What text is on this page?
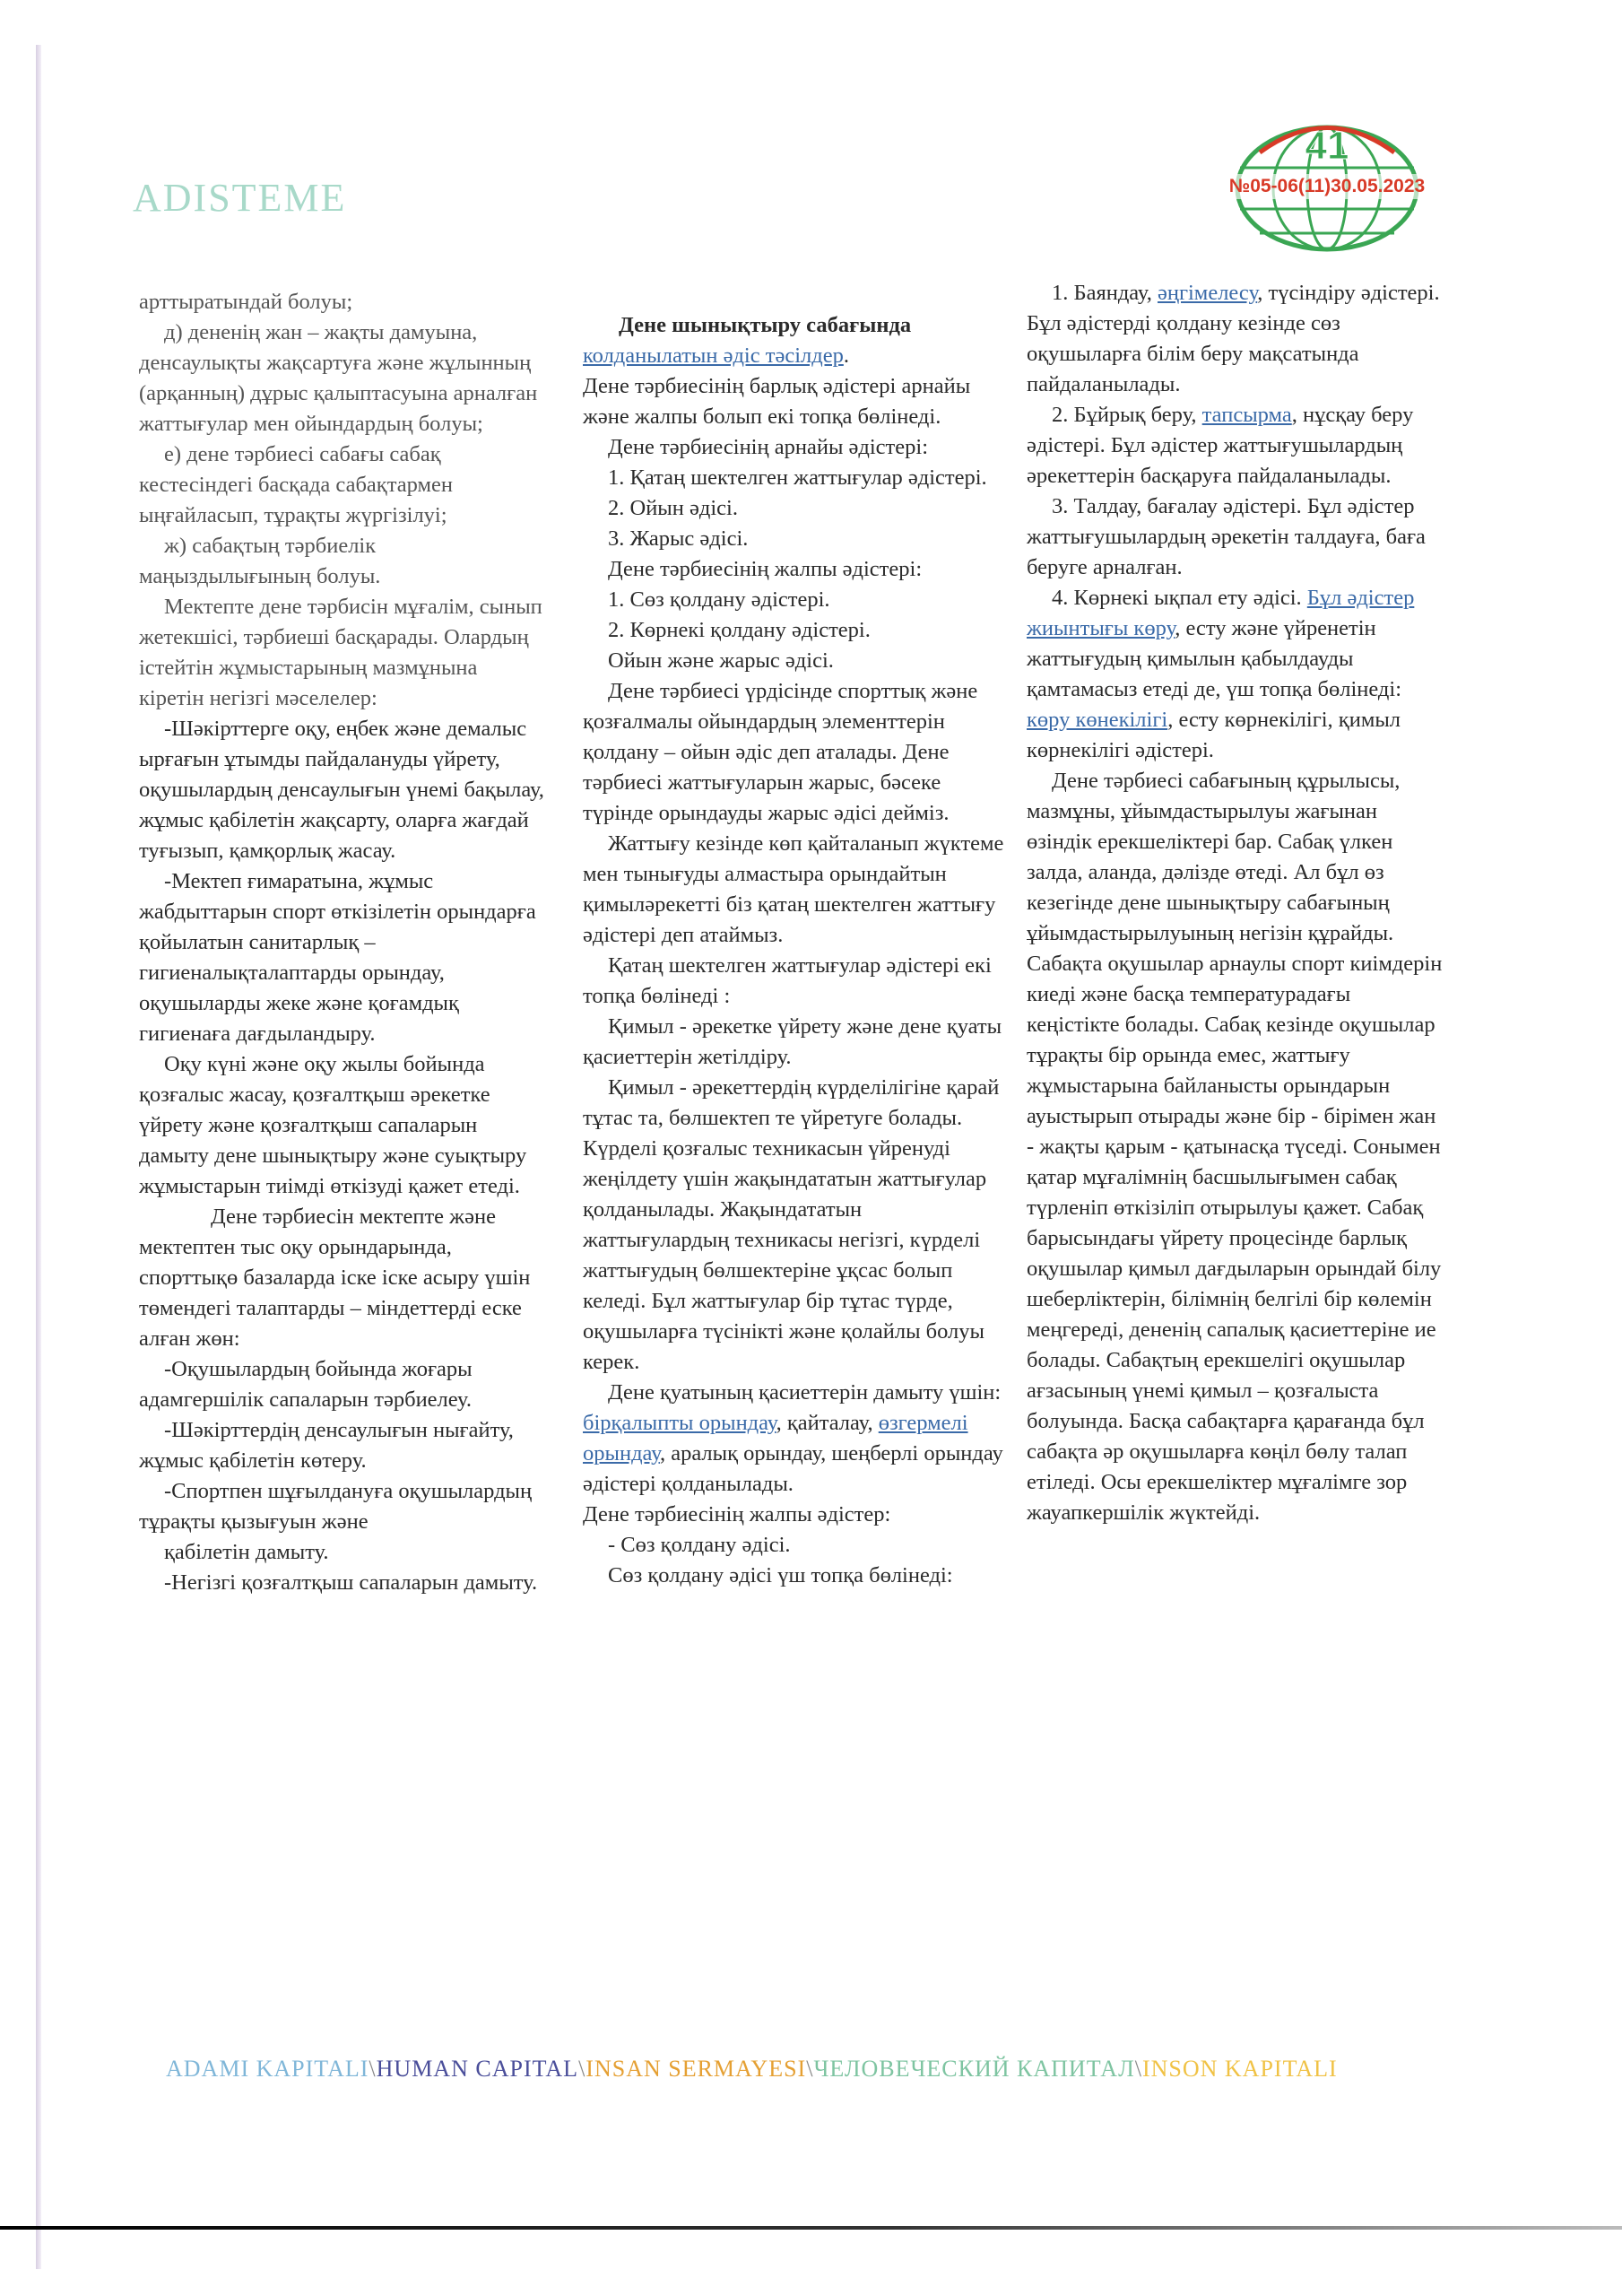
ADISTEME
41
№05-06(11)30.05.2023

арттыратындай болуы;

д) дененің жан – жақты дамуына, денсаулықты жақсартуға және жұлынның (арқанның) дұрыс қалыптасуына арналған жаттығулар мен ойындардың болуы;

е) дене тәрбиесі сабағы сабақ кестесіндегі басқада сабақтармен ыңғайласып, тұрақты жүргізілуі;

ж) сабақтың тәрбиелік маңыздылығының болуы.

Мектепте дене тәрбисін мұғалім, сынып жетекшісі, тәрбиеші басқарады. Олардың істейтін жұмыстарының мазмұнына кіретін негізгі мәселелер:

-Шәкірттерге оқу, еңбек және демалыс ырғағын ұтымды пайдалануды үйрету, оқушылардың денсаулығын үнемі бақылау, жұмыс қабілетін жақсарту, оларға жағдай туғызып, қамқорлық жасау.

-Мектеп ғимаратына, жұмыс жабдыттарын спорт өткізілетін орындарға қойылатын санитарлық – гигиеналықталаптарды орындау, оқушыларды жеке және қоғамдық гигиенаға дағдыландыру.

Оқу күні және оқу жылы бойында қозғалыс жасау, қозғалтқыш әрекетке үйрету және қозғалтқыш сапаларын дамыту дене шынықтыру және суықтыру жұмыстарын тиімді өткізуді қажет етеді.

Дене тәрбиесін мектепте және мектептен тыс оқу орындарында, спорттықө базаларда іске іске асыру үшін төмендегі талаптарды – міндеттерді еске алған жөн:

-Оқушылардың бойында жоғары адамгершілік сапаларын тәрбиелеу.

-Шәкірттердің денсаулығын нығайту, жұмыс қабілетін көтеру.

-Спортпен шұғылдануға оқушылардың тұрақты қызығуын және

қабілетін дамыту.

-Негізгі қозғалтқыш сапаларын дамыту.

Дене шынықтыру сабағында колданылатын әдіс тәсілдер.

Дене тәрбиесінің барлық әдістері арнайы және жалпы болып екі топқа бөлінеді.

Дене тәрбиесінің арнайы әдістері:

1. Қатаң шектелген жаттығулар әдістері.

2. Ойын әдісі.

3. Жарыс әдісі.

Дене тәрбиесінің жалпы әдістері:

1. Сөз қолдану әдістері.

2. Көрнекі қолдану әдістері.

Ойын және жарыс әдісі.

Дене тәрбиесі үрдісінде спорттық және қозғалмалы ойындардың элементтерін қолдану – ойын әдіс деп аталады. Дене тәрбиесі жаттығуларын жарыс, бәсеке түрінде орындауды жарыс әдісі дейміз.

Жаттығу кезінде көп қайталанып жүктеме мен тынығуды алмастыра орындайтын қимыләрекетті біз қатаң шектелген жаттығу әдістері деп атаймыз.

Қатаң шектелген жаттығулар әдістері екі топқа бөлінеді :

Қимыл - әрекетке үйрету және дене қуаты қасиеттерін жетілдіру.

Қимыл - әрекеттердің күрделілігіне қарай тұтас та, бөлшектеп те үйретуге болады. Күрделі қозғалыс техникасын үйренуді жеңілдету үшін жақындататын жаттығулар қолданылады. Жақындататын жаттығулардың техникасы негізгі, күрделі жаттығудың бөлшектеріне ұқсас болып келеді. Бұл жаттығулар бір тұтас түрде, оқушыларға түсінікті және қолайлы болуы керек.

Дене қуатының қасиеттерін дамыту үшін: бірқалыпты орындау, қайталау, өзгермелі орындау, аралық орындау, шеңберлі орындау әдістері қолданылады.

Дене тәрбиесінің жалпы әдістер:

- Сөз қолдану әдісі.

Сөз қолдану әдісі үш топқа бөлінеді:

1. Баяндау, әңгімелесу, түсіндіру әдістері. Бұл әдістерді қолдану кезінде сөз оқушыларға білім беру мақсатында пайдаланылады.

2. Бұйрық беру, тапсырма, нұсқау беру әдістері. Бұл әдістер жаттығушылардың әрекеттерін басқаруға пайдаланылады.

3. Талдау, бағалау әдістері. Бұл әдістер жаттығушылардың әрекетін талдауға, баға беруге арналған.

4. Көрнекі ықпал ету әдісі. Бұл әдістер жиынтығы көру, есту және үйренетін жаттығудың қимылын қабылдауды қамтамасыз етеді де, үш топқа бөлінеді: көру көнекілігі, есту көрнекілігі, қимыл көрнекілігі әдістері.

Дене тәрбиесі сабағының құрылысы, мазмұны, ұйымдастырылуы жағынан өзіндік ерекшеліктері бар. Сабақ үлкен залда, аланда, дәлізде өтеді. Ал бұл өз кезегінде дене шынықтыру сабағының ұйымдастырылуының негізін құрайды. Сабақта оқушылар арнаулы спорт киімдерін киеді және басқа температурадағы кеңістікте болады. Сабақ кезінде оқушылар тұрақты бір орында емес, жаттығу жұмыстарына байланысты орындарын ауыстырып отырады және бір - бірімен жан - жақты қарым - қатынасқа түседі. Сонымен қатар мұғалімнің басшылығымен сабақ түрленіп өткізіліп отырылуы қажет. Сабақ барысындағы үйрету процесінде барлық оқушылар қимыл дағдыларын орындай білу шеберліктерін, білімнің белгілі бір көлемін меңгереді, дененің сапалық қасиеттеріне ие болады. Сабақтың ерекшелігі оқушылар ағзасының үнемі қимыл – қозғалыста болуында. Басқа сабақтарға қарағанда бұл сабақта әр оқушыларға көңіл бөлу талап етіледі. Осы ерекшеліктер мұғалімге зор жауапкершілік жүктейді.

ADAMI KAPITALI\HUMAN CAPITAL\INSAN SERMAYESI\ЧЕЛОВЕЧЕСКИЙ КАПИТАЛ\INSON KAPITALI
